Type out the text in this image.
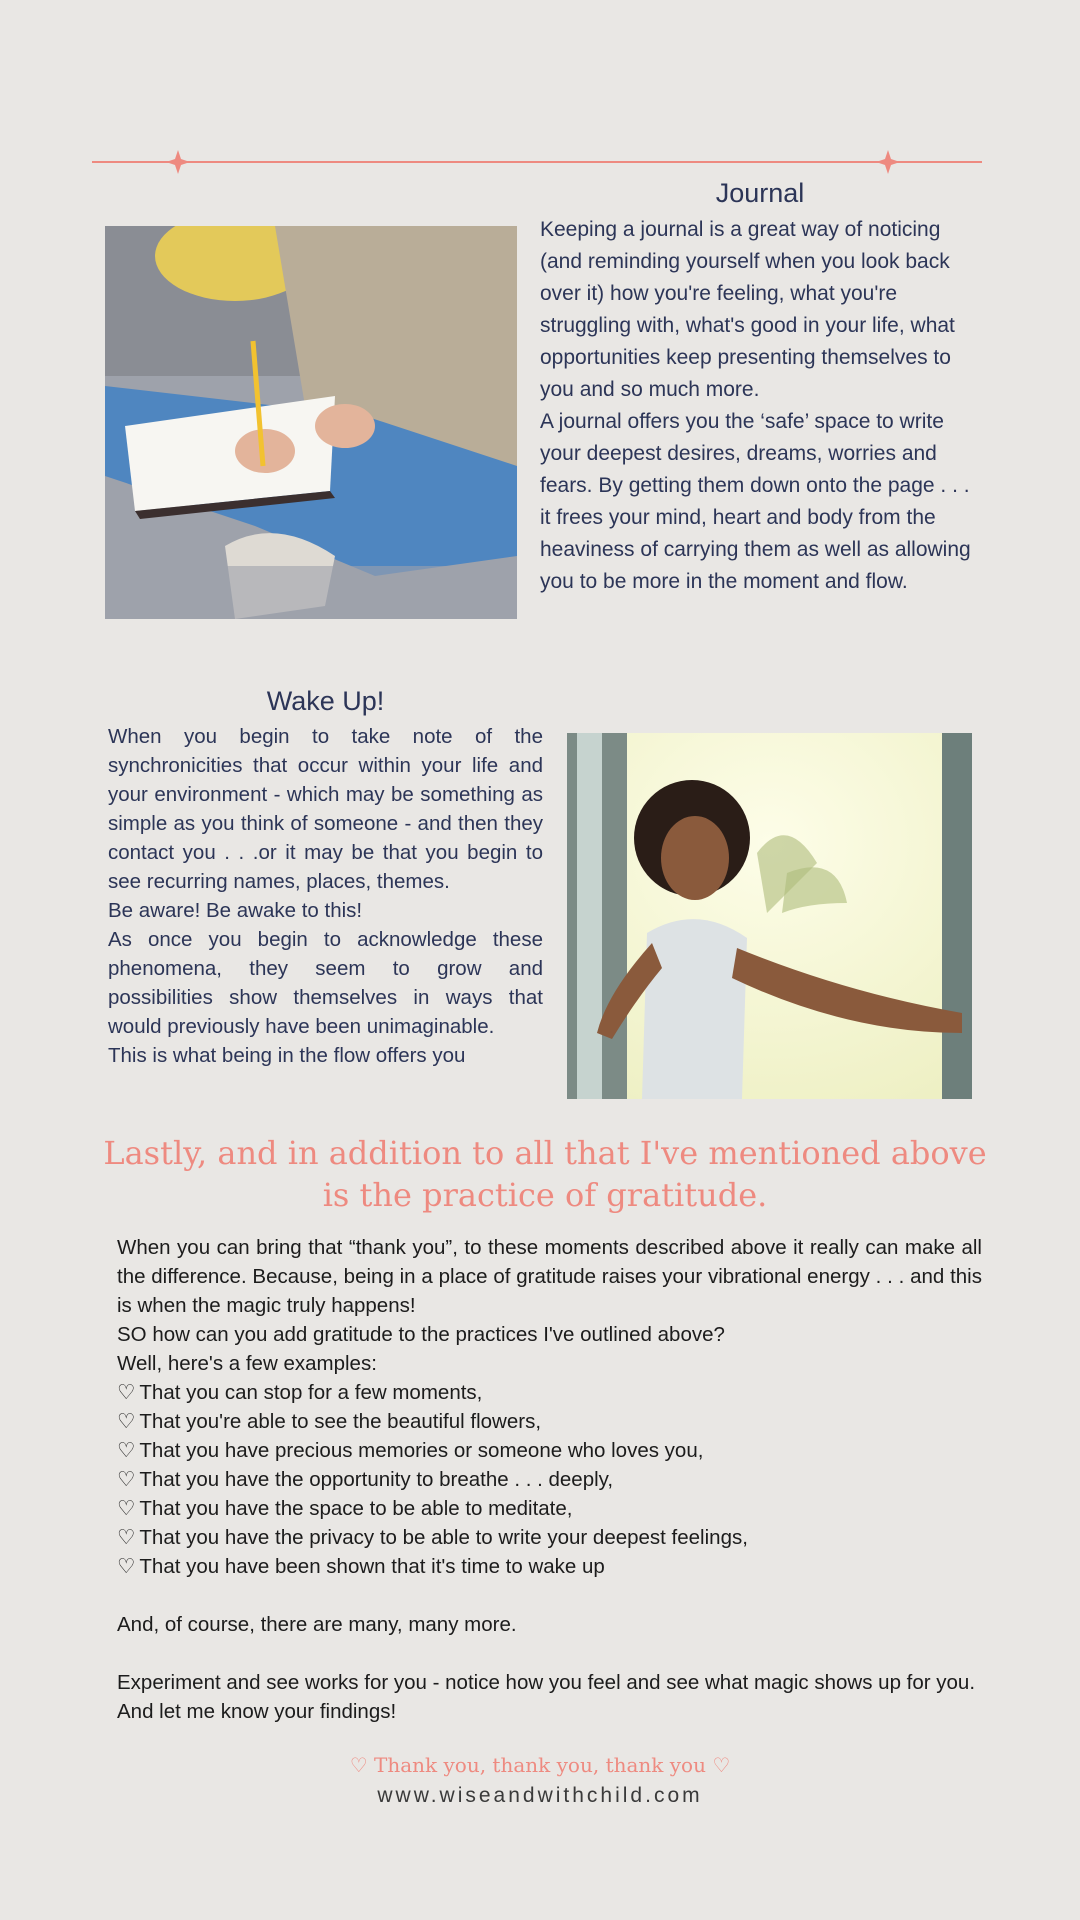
Journal

Keeping a journal is a great way of noticing (and reminding yourself when you look back over it) how you're feeling, what you're struggling with, what's good in your life, what opportunities keep presenting themselves to you and so much more.

A journal offers you the ‘safe’ space to write your deepest desires, dreams, worries and fears. By getting them down onto the page . . . it frees your mind, heart and body from the heaviness of carrying them as well as allowing you to be more in the moment and flow.

Wake Up!

When you begin to take note of the synchronicities that occur within your life and your environment - which may be something as simple as you think of someone - and then they contact you . . .or it may be that you begin to see recurring names, places, themes.

Be aware! Be awake to this!

As once you begin to acknowledge these phenomena, they seem to grow and possibilities show themselves in ways that would previously have been unimaginable.

This is what being in the flow offers you

Lastly, and in addition to all that I've mentioned above is the practice of gratitude.

When you can bring that “thank you”, to these moments described above it really can make all the difference. Because, being in a place of gratitude raises your vibrational energy . . . and this is when the magic truly happens!

SO how can you add gratitude to the practices I've outlined above?

Well, here's a few examples:

♡ That you can stop for a few moments,
♡ That you're able to see the beautiful flowers,
♡ That you have precious memories or someone who loves you,
♡ That you have the opportunity to breathe . . . deeply,
♡ That you have the space to be able to meditate,
♡ That you have the privacy to be able to write your deepest feelings,
♡ That you have been shown that it's time to wake up

And, of course, there are many, many more.

Experiment and see works for you - notice how you feel and see what magic shows up for you. And let me know your findings!

♡ Thank you, thank you, thank you ♡
www.wiseandwithchild.com
